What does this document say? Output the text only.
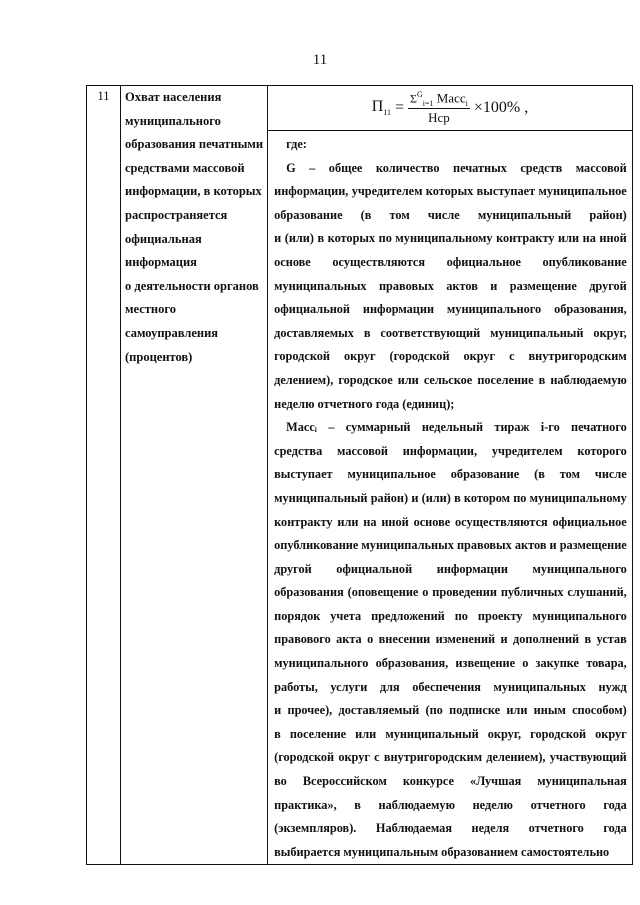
11
11	Охват населения
муниципального
образования печатными
средствами массовой
информации, в которых
распространяется
официальная
информация
о деятельности органов
местного
самоуправления
(процентов)

$П_{11} = \frac{\Sigma^G_{i=1} Масс_i}{\text{Нср}} \times 100\%$ ,
где:
G – общее количество печатных средств массовой
информации, учредителем которых выступает муниципальное
образование (в том числе муниципальный район)
и (или) в которых по муниципальному контракту или на иной
основе осуществляются официальное опубликование
муниципальных правовых актов и размещение другой
официальной информации муниципального образования,
доставляемых в соответствующий муниципальный округ,
городской округ (городской округ с внутригородским
делением), городское или сельское поселение в наблюдаемую
неделю отчетного года (единиц);
Массᵢ – суммарный недельный тираж i-го печатного
средства массовой информации, учредителем которого
выступает муниципальное образование (в том числе
муниципальный район) и (или) в котором по муниципальному
контракту или на иной основе осуществляются официальное
опубликование муниципальных правовых актов и размещение
другой официальной информации муниципального
образования (оповещение о проведении публичных слушаний,
порядок учета предложений по проекту муниципального
правового акта о внесении изменений и дополнений в устав
муниципального образования, извещение о закупке товара,
работы, услуги для обеспечения муниципальных нужд
и прочее), доставляемый (по подписке или иным способом)
в поселение или муниципальный округ, городской округ
(городской округ с внутригородским делением), участвующий
во Всероссийском конкурсе «Лучшая муниципальная
практика», в наблюдаемую неделю отчетного года
(экземпляров). Наблюдаемая неделя отчетного года
выбирается муниципальным образованием самостоятельно
